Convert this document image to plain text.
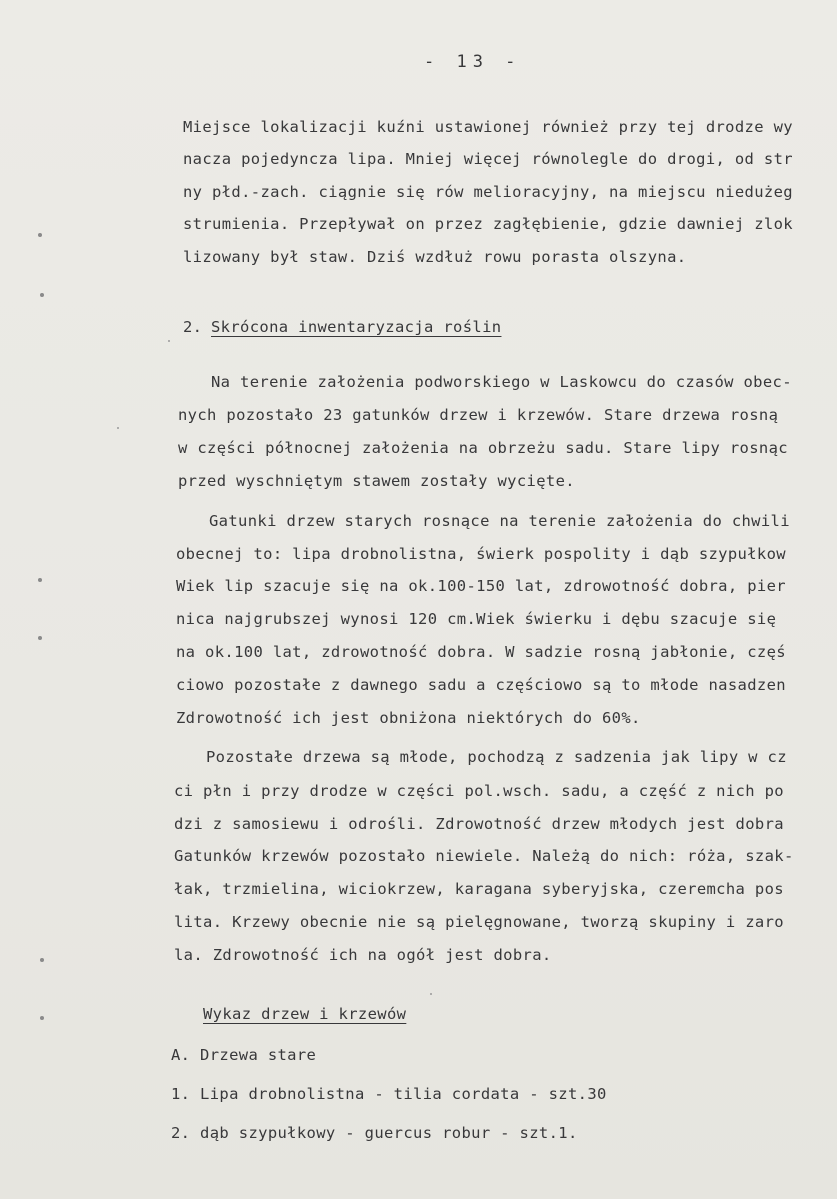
- 13 -
Miejsce lokalizacji kuźni ustawionej również przy tej drodze wy
nacza pojedyncza lipa. Mniej więcej równolegle do drogi, od str
ny płd.-zach. ciągnie się rów melioracyjny, na miejscu niedużeg
strumienia. Przepływał on przez zagłębienie, gdzie dawniej zlok
lizowany był staw. Dziś wzdłuż rowu porasta olszyna.
2. Skrócona inwentaryzacja roślin
Na terenie założenia podworskiego w Laskowcu do czasów obec-
nych pozostało 23 gatunków drzew i krzewów. Stare drzewa rosną
w części północnej założenia na obrzeżu sadu. Stare lipy rosnąc
przed wyschniętym stawem zostały wycięte.
Gatunki drzew starych rosnące na terenie założenia do chwili
obecnej to: lipa drobnolistna, świerk pospolity i dąb szypułkow
Wiek lip szacuje się na ok.100-150 lat, zdrowotność dobra, pier
nica najgrubszej wynosi 120 cm.Wiek świerku i dębu szacuje się
na ok.100 lat, zdrowotność dobra. W sadzie rosną jabłonie, częś
ciowo pozostałe z dawnego sadu a częściowo są to młode nasadzen
Zdrowotność ich jest obniżona niektórych do 60%.
Pozostałe drzewa są młode, pochodzą z sadzenia jak lipy w cz
ci płn i przy drodze w części pol.wsch. sadu, a część z nich po
dzi z samosiewu i odrośli. Zdrowotność drzew młodych jest dobra
Gatunków krzewów pozostało niewiele. Należą do nich: róża, szak-
łak, trzmielina, wiciokrzew, karagana syberyjska, czeremcha pos
lita. Krzewy obecnie nie są pielęgnowane, tworzą skupiny i zaro
la. Zdrowotność ich na ogół jest dobra.
Wykaz drzew i krzewów
A. Drzewa stare
1. Lipa drobnolistna - tilia cordata - szt.30
2. dąb szypułkowy - guercus robur - szt.1.
